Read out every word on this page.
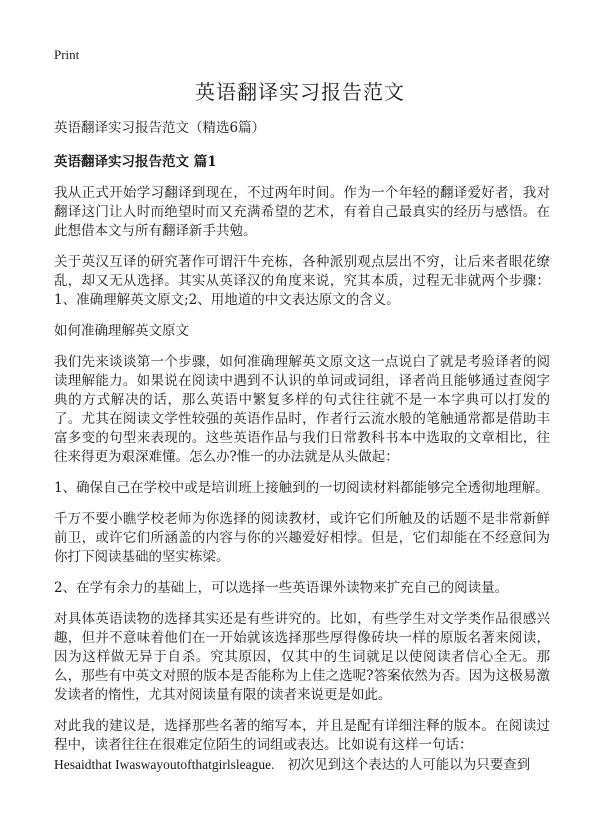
Print
英语翻译实习报告范文

英语翻译实习报告范文（精选6篇）

英语翻译实习报告范文 篇1

我从正式开始学习翻译到现在，不过两年时间。作为一个年轻的翻译爱好者，我对翻译这门让人时而绝望时而又充满希望的艺术，有着自己最真实的经历与感悟。在此想借本文与所有翻译新手共勉。

关于英汉互译的研究著作可谓汗牛充栋，各种派别观点层出不穷，让后来者眼花缭乱，却又无从选择。其实从英译汉的角度来说，究其本质，过程无非就两个步骤：1、准确理解英文原文;2、用地道的中文表达原文的含义。

如何准确理解英文原文

我们先来谈谈第一个步骤，如何准确理解英文原文这一点说白了就是考验译者的阅读理解能力。如果说在阅读中遇到不认识的单词或词组，译者尚且能够通过查阅字典的方式解决的话，那么英语中繁复多样的句式往往就不是一本字典可以打发的了。尤其在阅读文学性较强的英语作品时，作者行云流水般的笔触通常都是借助丰富多变的句型来表现的。这些英语作品与我们日常教科书本中选取的文章相比，往往来得更为艰深难懂。怎么办?惟一的办法就是从头做起：

1、确保自己在学校中或是培训班上接触到的一切阅读材料都能够完全透彻地理解。

千万不要小瞧学校老师为你选择的阅读教材，或许它们所触及的话题不是非常新鲜前卫，或许它们所涵盖的内容与你的兴趣爱好相悖。但是，它们却能在不经意间为你打下阅读基础的坚实栋梁。

2、在学有余力的基础上，可以选择一些英语课外读物来扩充自己的阅读量。

对具体英语读物的选择其实还是有些讲究的。比如，有些学生对文学类作品很感兴趣，但并不意味着他们在一开始就该选择那些厚得像砖块一样的原版名著来阅读，因为这样做无异于自杀。究其原因，仅其中的生词就足以使阅读者信心全无。那么，那些有中英文对照的版本是否能称为上佳之选呢?答案依然为否。因为这极易激发读者的惰性，尤其对阅读量有限的读者来说更是如此。

对此我的建议是，选择那些名著的缩写本，并且是配有详细注释的版本。在阅读过程中，读者往往在很难定位陌生的词组或表达。比如说有这样一句话：

Hesaidthat Iwaswayoutofthatgirlsleague. 初次见到这个表达的人可能以为只要查到
